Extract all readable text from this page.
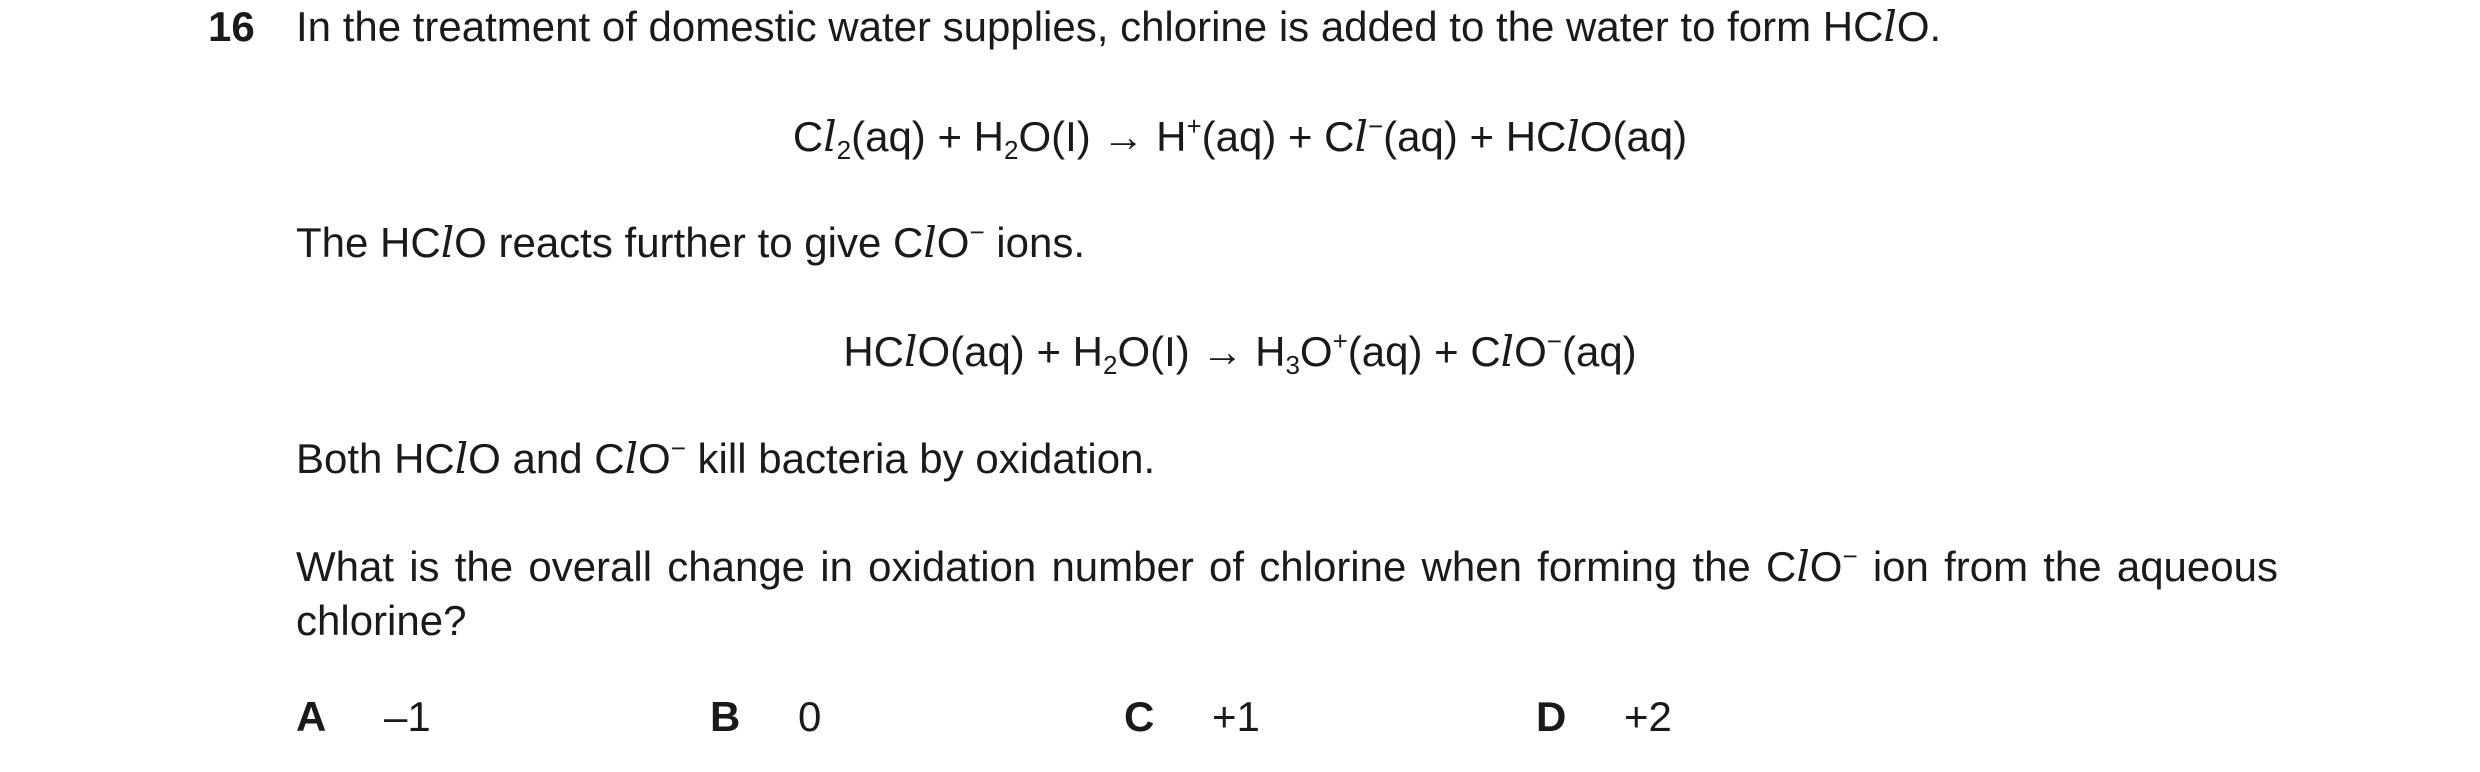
16 In the treatment of domestic water supplies, chlorine is added to the water to form HClO.
$Cl_2(aq) + H_2O(I) \to H^+(aq) + Cl^-(aq)$ + HClO(aq)
The HClO reacts further to give ClO− ions.
HClO(aq) + $H_2O(I) \to H_3O^+(aq) + ClO^-(aq)$
Both HClO and ClO− kill bacteria by oxidation.
What is the overall change in oxidation number of chlorine when forming the ClO− ion from the aqueous chlorine?
A –1	B 0	C +1	D +2
